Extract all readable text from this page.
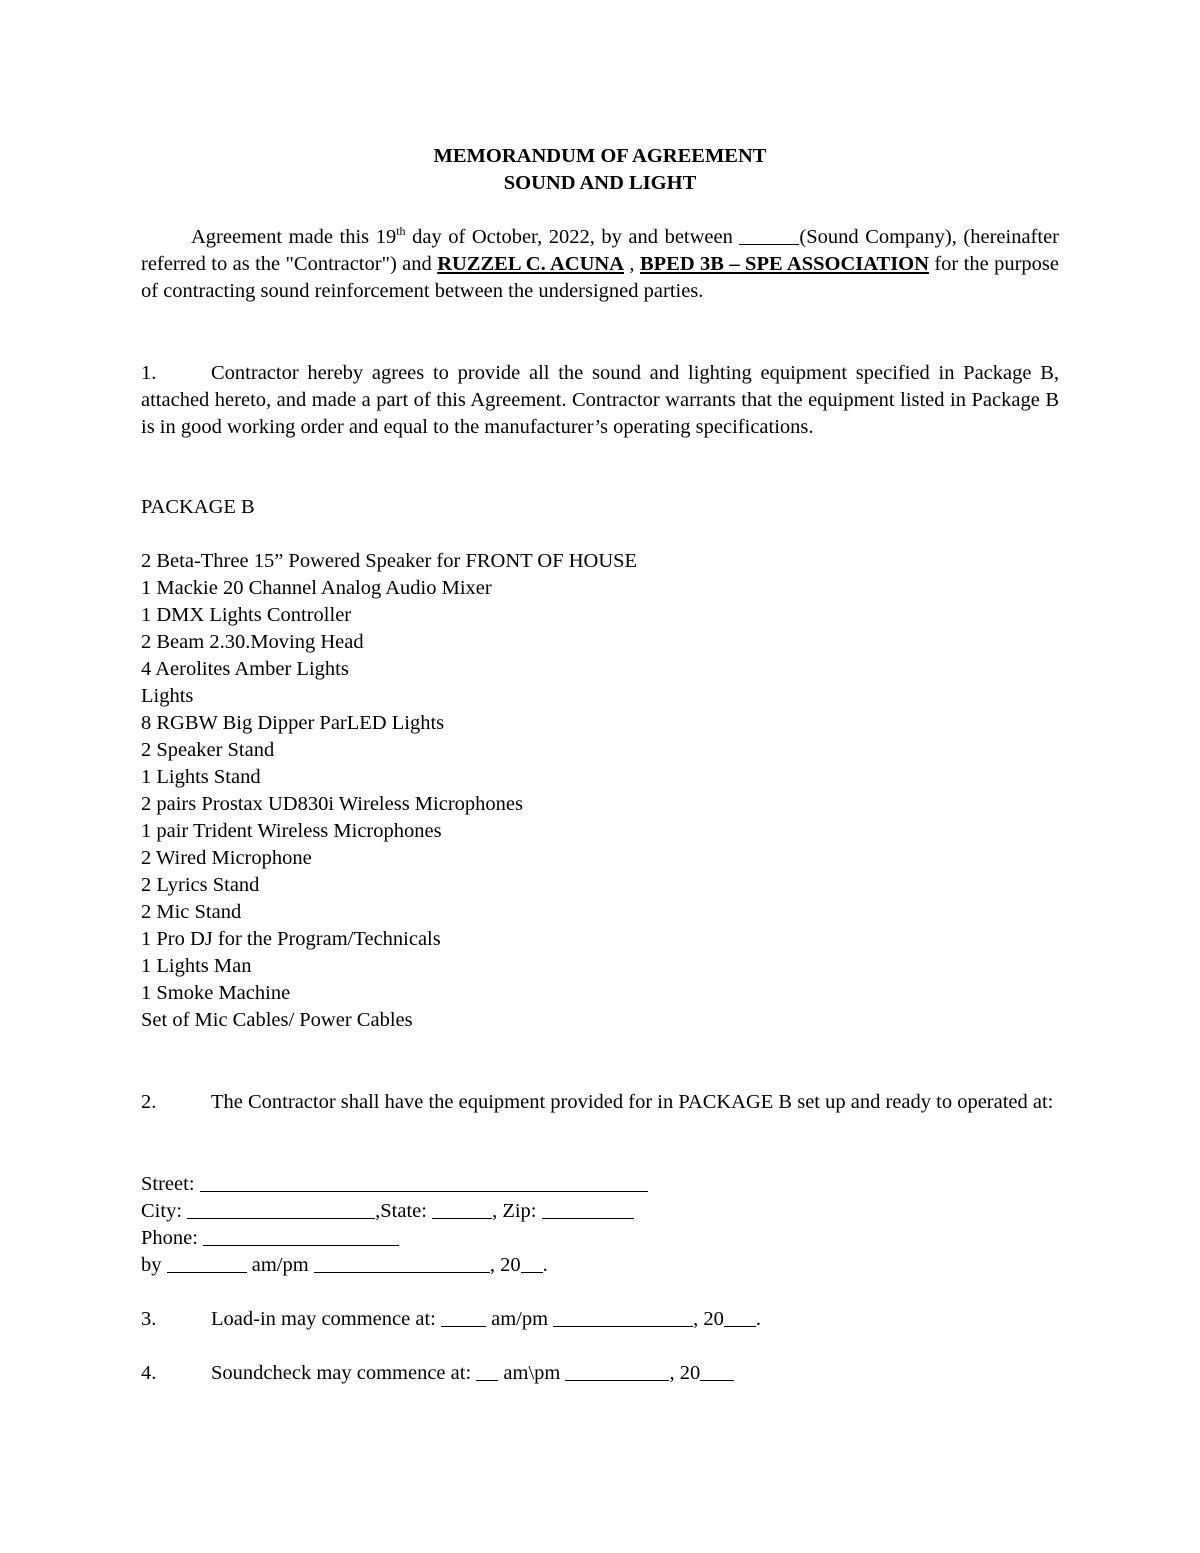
MEMORANDUM OF AGREEMENT
SOUND AND LIGHT
Agreement made this 19th day of October, 2022, by and between	(Sound Company), (hereinafter referred to as the "Contractor") and RUZZEL C. ACUNA , BPED 3B – SPE ASSOCIATION for the purpose of contracting sound reinforcement between the undersigned parties.
1.	Contractor hereby agrees to provide all the sound and lighting equipment specified in Package B, attached hereto, and made a part of this Agreement. Contractor warrants that the equipment listed in Package B is in good working order and equal to the manufacturer’s operating specifications.
PACKAGE B
2 Beta-Three 15” Powered Speaker for FRONT OF HOUSE
1 Mackie 20 Channel Analog Audio Mixer
1 DMX Lights Controller
2 Beam 2.30.Moving Head
4 Aerolites Amber Lights
Lights
8 RGBW Big Dipper ParLED Lights
2 Speaker Stand
1 Lights Stand
2 pairs Prostax UD830i Wireless Microphones
1 pair Trident Wireless Microphones
2 Wired Microphone
2 Lyrics Stand
2 Mic Stand
1 Pro DJ for the Program/Technicals
1 Lights Man
1 Smoke Machine
Set of Mic Cables/ Power Cables
2.	The Contractor shall have the equipment provided for in PACKAGE B set up and ready to operated at:
Street:
City:	,State:	, Zip:
Phone:
by	am/pm	, 20 .
3.	Load-in may commence at:	am/pm	, 20 .
4.	Soundcheck may commence at: am\pm	, 20
